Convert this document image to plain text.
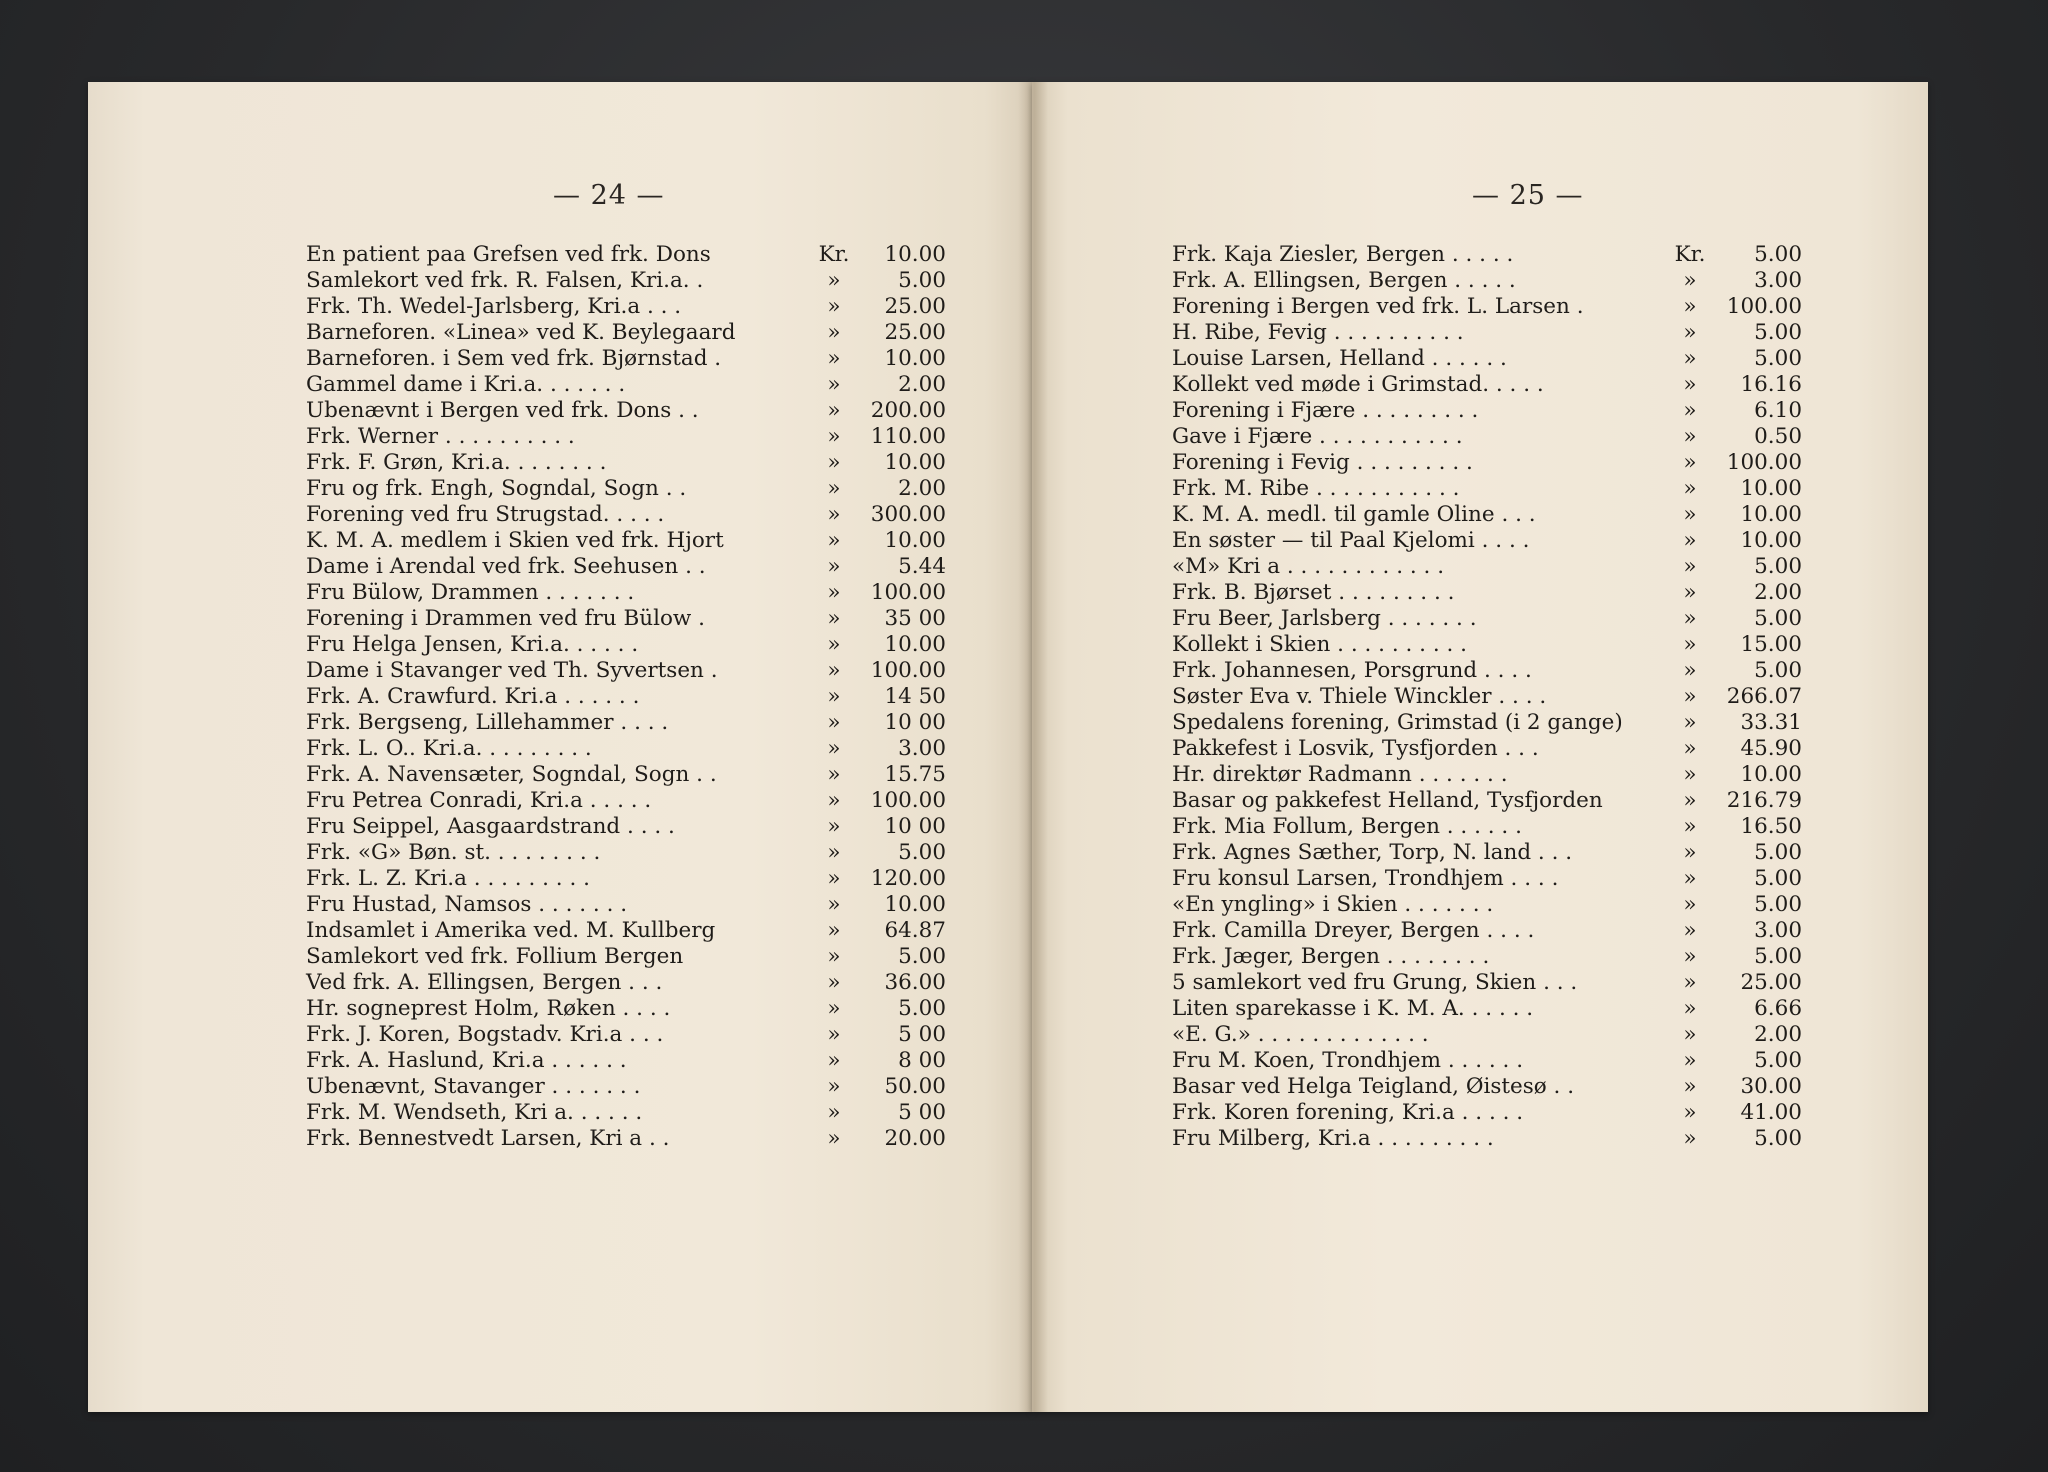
— 24 —
En patient paa Grefsen ved frk. Dons	Kr.	10.00
Samlekort ved frk. R. Falsen, Kri.a. .	»	5.00
Frk. Th. Wedel-Jarlsberg, Kri.a . . .	»	25.00
Barneforen. «Linea» ved K. Beylegaard	»	25.00
Barneforen. i Sem ved frk. Bjørnstad .	»	10.00
Gammel dame i Kri.a. . . . . . .	»	2.00
Ubenævnt i Bergen ved frk. Dons . .	»	200.00
Frk. Werner . . . . . . . . . .	»	110.00
Frk. F. Grøn, Kri.a. . . . . . . .	»	10.00
Fru og frk. Engh, Sogndal, Sogn . .	»	2.00
Forening ved fru Strugstad. . . . .	»	300.00
K. M. A. medlem i Skien ved frk. Hjort	»	10.00
Dame i Arendal ved frk. Seehusen . .	»	5.44
Fru Bülow, Drammen . . . . . . .	»	100.00
Forening i Drammen ved fru Bülow .	»	35 00
Fru Helga Jensen, Kri.a. . . . . .	»	10.00
Dame i Stavanger ved Th. Syvertsen .	»	100.00
Frk. A. Crawfurd. Kri.a . . . . . .	»	14 50
Frk. Bergseng, Lillehammer . . . .	»	10 00
Frk. L. O.. Kri.a. . . . . . . . .	»	3.00
Frk. A. Navensæter, Sogndal, Sogn . .	»	15.75
Fru Petrea Conradi, Kri.a . . . . .	»	100.00
Fru Seippel, Aasgaardstrand . . . .	»	10 00
Frk. «G» Bøn. st. . . . . . . . .	»	5.00
Frk. L. Z. Kri.a . . . . . . . . .	»	120.00
Fru Hustad, Namsos . . . . . . .	»	10.00
Indsamlet i Amerika ved. M. Kullberg	»	64.87
Samlekort ved frk. Follium Bergen	»	5.00
Ved frk. A. Ellingsen, Bergen . . .	»	36.00
Hr. sogneprest Holm, Røken . . . .	»	5.00
Frk. J. Koren, Bogstadv. Kri.a . . .	»	5 00
Frk. A. Haslund, Kri.a . . . . . .	»	8 00
Ubenævnt, Stavanger . . . . . . .	»	50.00
Frk. M. Wendseth, Kri a. . . . . .	»	5 00
Frk. Bennestvedt Larsen, Kri a . .	»	20.00
— 25 —
Frk. Kaja Ziesler, Bergen . . . . .	Kr.	5.00
Frk. A. Ellingsen, Bergen . . . . .	»	3.00
Forening i Bergen ved frk. L. Larsen .	»	100.00
H. Ribe, Fevig . . . . . . . . . .	»	5.00
Louise Larsen, Helland . . . . . .	»	5.00
Kollekt ved møde i Grimstad. . . . .	»	16.16
Forening i Fjære . . . . . . . . .	»	6.10
Gave i Fjære . . . . . . . . . . .	»	0.50
Forening i Fevig . . . . . . . . .	»	100.00
Frk. M. Ribe . . . . . . . . . . .	»	10.00
K. M. A. medl. til gamle Oline . . .	»	10.00
En søster — til Paal Kjelomi . . . .	»	10.00
«M» Kri a . . . . . . . . . . . .	»	5.00
Frk. B. Bjørset . . . . . . . . .	»	2.00
Fru Beer, Jarlsberg . . . . . . .	»	5.00
Kollekt i Skien . . . . . . . . . .	»	15.00
Frk. Johannesen, Porsgrund . . . .	»	5.00
Søster Eva v. Thiele Winckler . . . .	»	266.07
Spedalens forening, Grimstad (i 2 gange)	»	33.31
Pakkefest i Losvik, Tysfjorden . . .	»	45.90
Hr. direktør Radmann . . . . . . .	»	10.00
Basar og pakkefest Helland, Tysfjorden	»	216.79
Frk. Mia Follum, Bergen . . . . . .	»	16.50
Frk. Agnes Sæther, Torp, N. land . . .	»	5.00
Fru konsul Larsen, Trondhjem . . . .	»	5.00
«En yngling» i Skien . . . . . . .	»	5.00
Frk. Camilla Dreyer, Bergen . . . .	»	3.00
Frk. Jæger, Bergen . . . . . . . .	»	5.00
5 samlekort ved fru Grung, Skien . . .	»	25.00
Liten sparekasse i K. M. A. . . . . .	»	6.66
«E. G.» . . . . . . . . . . . . .	»	2.00
Fru M. Koen, Trondhjem . . . . . .	»	5.00
Basar ved Helga Teigland, Øistesø . .	»	30.00
Frk. Koren forening, Kri.a . . . . .	»	41.00
Fru Milberg, Kri.a . . . . . . . . .	»	5.00
